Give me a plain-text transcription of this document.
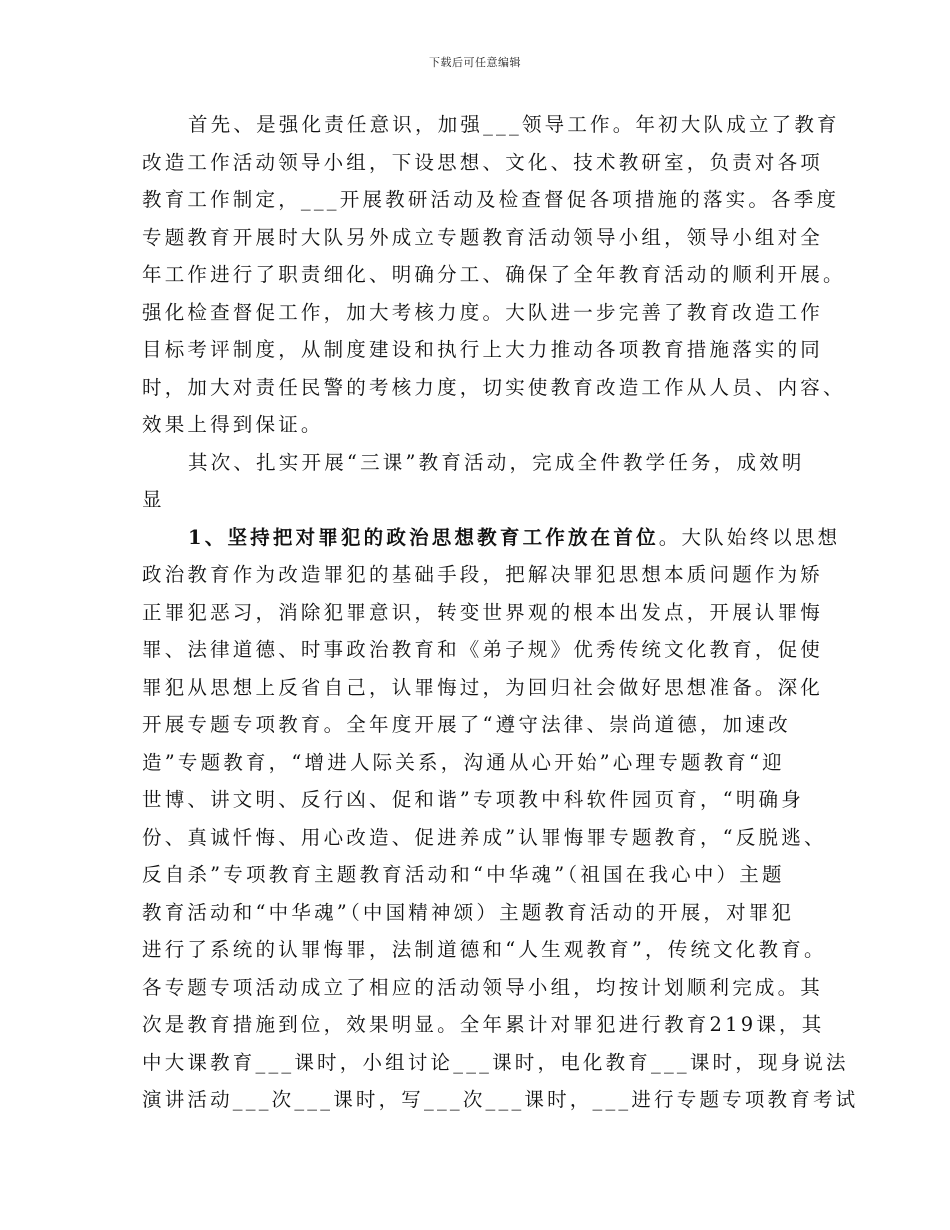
下载后可任意编辑
首先、是强化责任意识，加强___领导工作。年初大队成立了教育
改造工作活动领导小组，下设思想、文化、技术教研室，负责对各项
教育工作制定，___开展教研活动及检查督促各项措施的落实。各季度
专题教育开展时大队另外成立专题教育活动领导小组，领导小组对全
年工作进行了职责细化、明确分工、确保了全年教育活动的顺利开展。
强化检查督促工作，加大考核力度。大队进一步完善了教育改造工作
目标考评制度，从制度建设和执行上大力推动各项教育措施落实的同
时，加大对责任民警的考核力度，切实使教育改造工作从人员、内容、
效果上得到保证。
其次、扎实开展“三课”教育活动，完成全件教学任务，成效明
显
1、坚持把对罪犯的政治思想教育工作放在首位。大队始终以思想
政治教育作为改造罪犯的基础手段，把解决罪犯思想本质问题作为矫
正罪犯恶习，消除犯罪意识，转变世界观的根本出发点，开展认罪悔
罪、法律道德、时事政治教育和《弟子规》优秀传统文化教育，促使
罪犯从思想上反省自己，认罪悔过，为回归社会做好思想准备。深化
开展专题专项教育。全年度开展了“遵守法律、崇尚道德，加速改
造”专题教育，“增进人际关系，沟通从心开始”心理专题教育“迎
世博、讲文明、反行凶、促和谐”专项教中科软件园页育，“明确身
份、真诚忏悔、用心改造、促进养成”认罪悔罪专题教育，“反脱逃、
反自杀”专项教育主题教育活动和“中华魂”（祖国在我心中）主题
教育活动和“中华魂”（中国精神颂）主题教育活动的开展，对罪犯
进行了系统的认罪悔罪，法制道德和“人生观教育”，传统文化教育。
各专题专项活动成立了相应的活动领导小组，均按计划顺利完成。其
次是教育措施到位，效果明显。全年累计对罪犯进行教育219课，其
中大课教育___课时，小组讨论___课时，电化教育___课时，现身说法
演讲活动___次___课时，写___次___课时，___进行专题专项教育考试
